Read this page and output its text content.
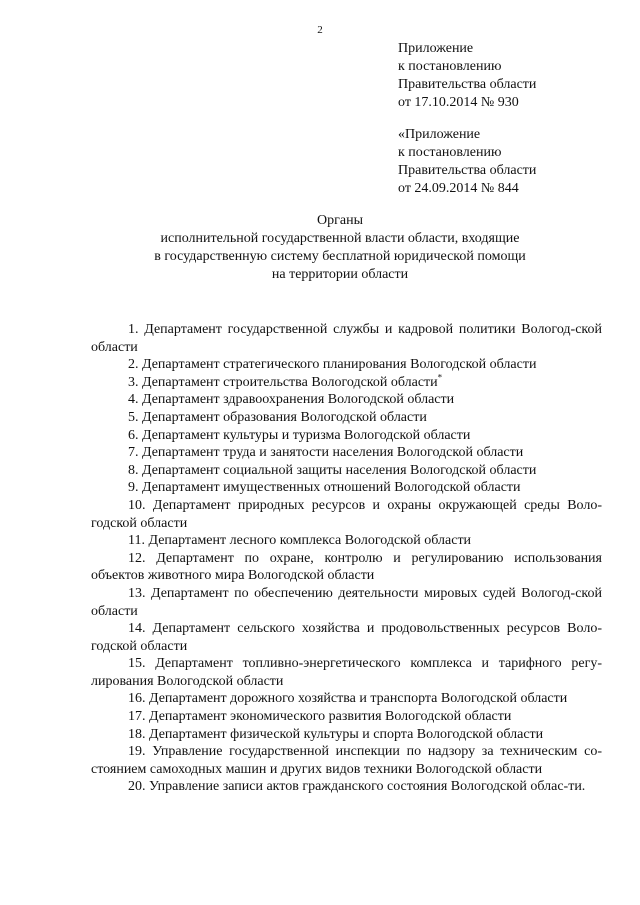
2
Приложение
к постановлению
Правительства области
от 17.10.2014 № 930
«Приложение
к постановлению
Правительства области
от 24.09.2014 № 844
Органы
исполнительной государственной власти области, входящие
в государственную систему бесплатной юридической помощи
на территории области

1. Департамент государственной службы и кадровой политики Вологод-ской области

2. Департамент стратегического планирования Вологодской области

3. Департамент строительства Вологодской области*

4. Департамент здравоохранения Вологодской области

5. Департамент образования Вологодской области

6. Департамент культуры и туризма Вологодской области

7. Департамент труда и занятости населения Вологодской области

8. Департамент социальной защиты населения Вологодской области

9. Департамент имущественных отношений Вологодской области

10. Департамент природных ресурсов и охраны окружающей среды Воло-годской области

11. Департамент лесного комплекса Вологодской области

12. Департамент по охране, контролю и регулированию использования объектов животного мира Вологодской области

13. Департамент по обеспечению деятельности мировых судей Вологод-ской области

14. Департамент сельского хозяйства и продовольственных ресурсов Воло-годской области

15. Департамент топливно-энергетического комплекса и тарифного регу-лирования Вологодской области

16. Департамент дорожного хозяйства и транспорта Вологодской области

17. Департамент экономического развития Вологодской области

18. Департамент физической культуры и спорта Вологодской области

19. Управление государственной инспекции по надзору за техническим со-стоянием самоходных машин и других видов техники Вологодской области

20. Управление записи актов гражданского состояния Вологодской облас-ти.
